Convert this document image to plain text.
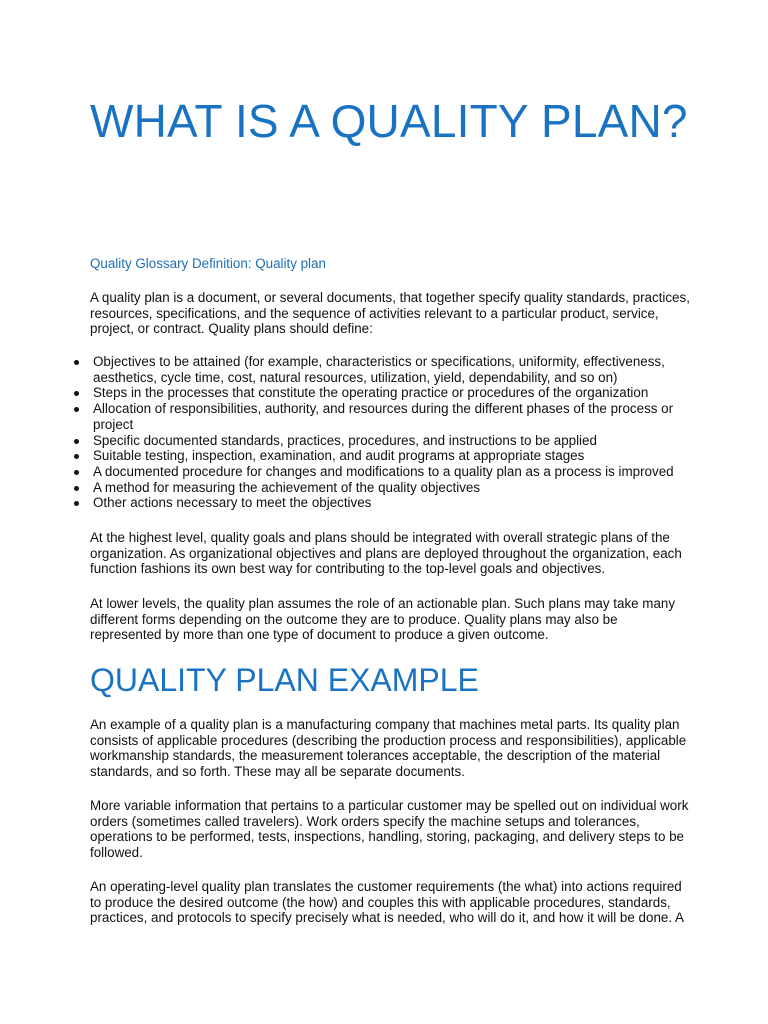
WHAT IS A QUALITY PLAN?

Quality Glossary Definition: Quality plan

A quality plan is a document, or several documents, that together specify quality standards, practices, resources, specifications, and the sequence of activities relevant to a particular product, service, project, or contract. Quality plans should define:

Objectives to be attained (for example, characteristics or specifications, uniformity, effectiveness, aesthetics, cycle time, cost, natural resources, utilization, yield, dependability, and so on)
Steps in the processes that constitute the operating practice or procedures of the organization
Allocation of responsibilities, authority, and resources during the different phases of the process or project
Specific documented standards, practices, procedures, and instructions to be applied
Suitable testing, inspection, examination, and audit programs at appropriate stages
A documented procedure for changes and modifications to a quality plan as a process is improved
A method for measuring the achievement of the quality objectives
Other actions necessary to meet the objectives

At the highest level, quality goals and plans should be integrated with overall strategic plans of the organization. As organizational objectives and plans are deployed throughout the organization, each function fashions its own best way for contributing to the top-level goals and objectives.

At lower levels, the quality plan assumes the role of an actionable plan. Such plans may take many different forms depending on the outcome they are to produce. Quality plans may also be represented by more than one type of document to produce a given outcome.

QUALITY PLAN EXAMPLE

An example of a quality plan is a manufacturing company that machines metal parts. Its quality plan consists of applicable procedures (describing the production process and responsibilities), applicable workmanship standards, the measurement tolerances acceptable, the description of the material standards, and so forth. These may all be separate documents.

More variable information that pertains to a particular customer may be spelled out on individual work orders (sometimes called travelers). Work orders specify the machine setups and tolerances, operations to be performed, tests, inspections, handling, storing, packaging, and delivery steps to be followed.

An operating-level quality plan translates the customer requirements (the what) into actions required to produce the desired outcome (the how) and couples this with applicable procedures, standards, practices, and protocols to specify precisely what is needed, who will do it, and how it will be done. A
